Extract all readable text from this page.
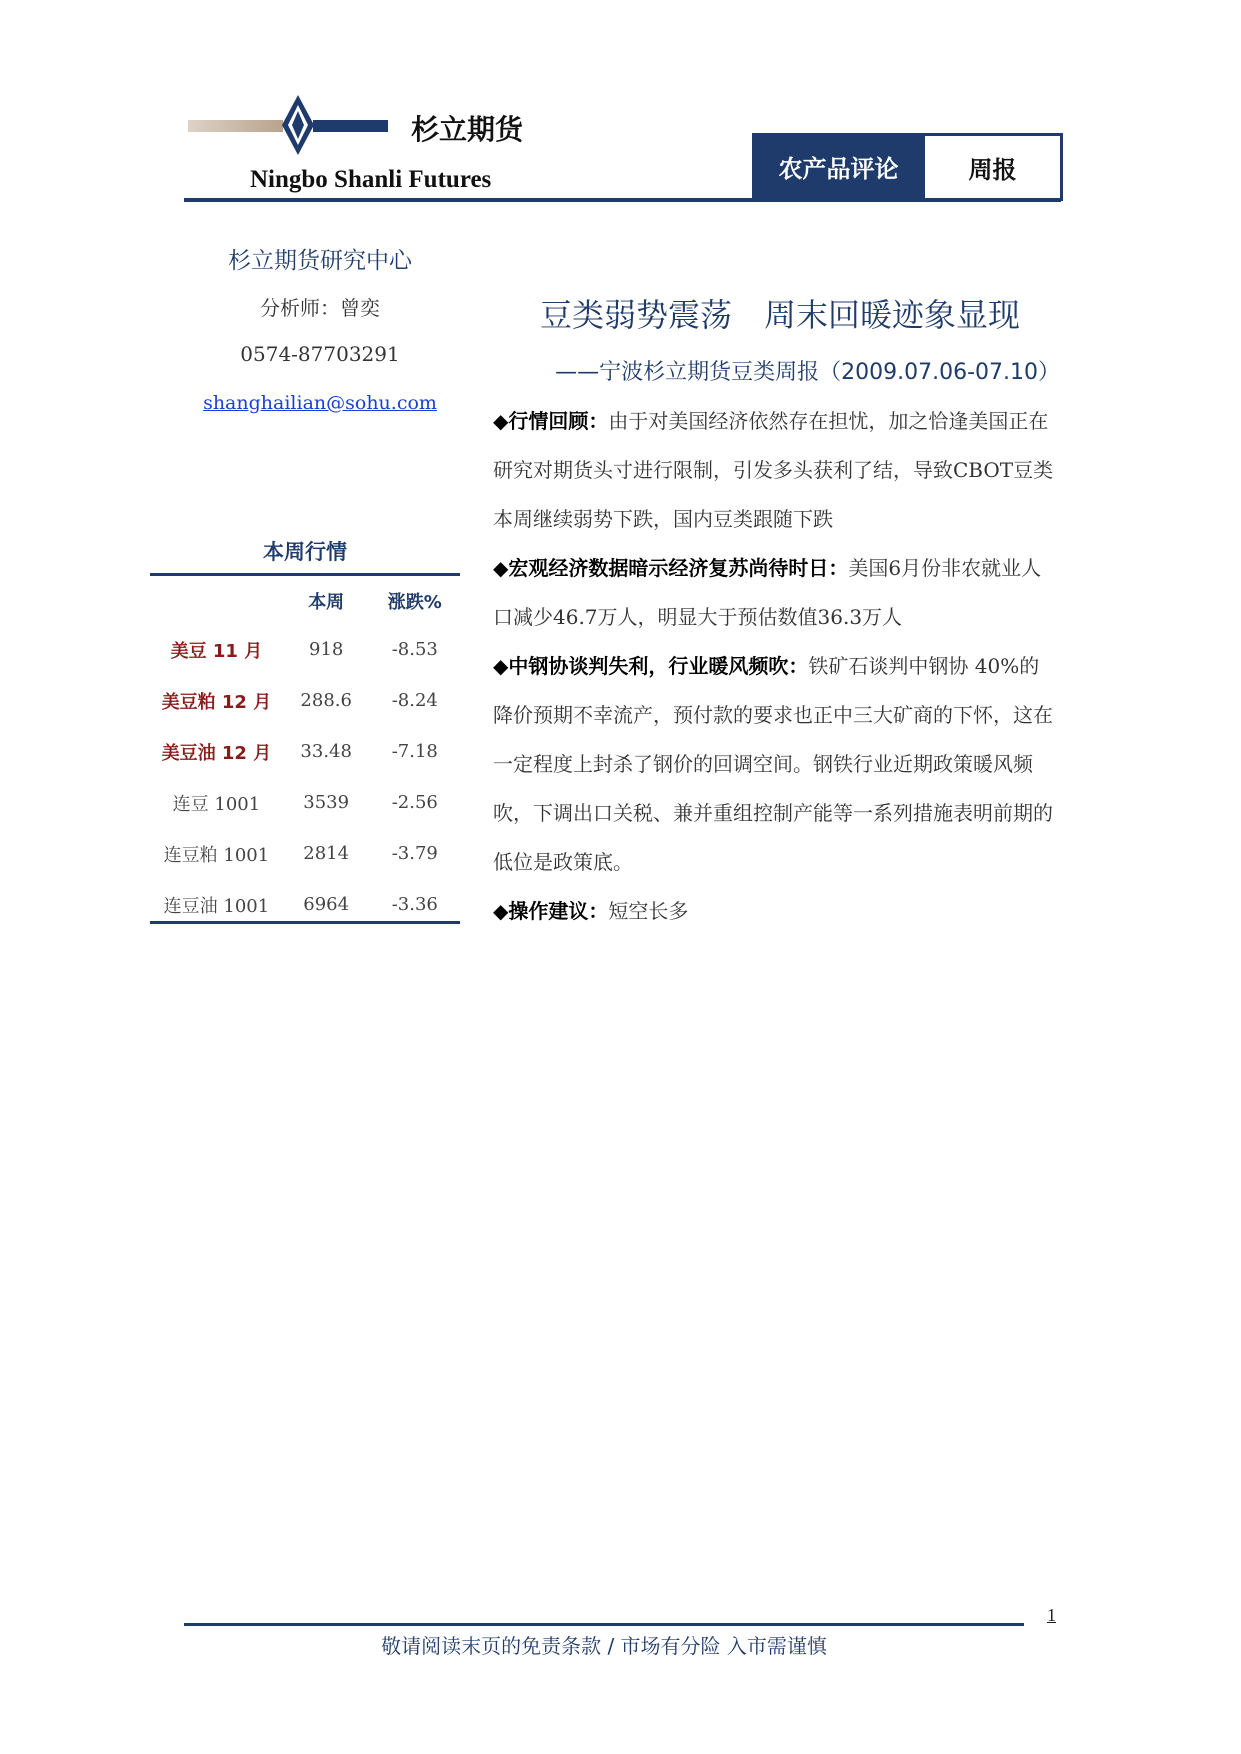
杉立期货
Ningbo Shanli Futures	农产品评论	周报
杉立期货研究中心
分析师：曾奕
0574-87703291
shanghailian@sohu.com
本周行情
	本周	涨跌%
美豆 11 月	918	-8.53
美豆粕 12 月	288.6	-8.24
美豆油 12 月	33.48	-7.18
连豆 1001	3539	-2.56
连豆粕 1001	2814	-3.79
连豆油 1001	6964	-3.36
豆类弱势震荡　周末回暖迹象显现
——宁波杉立期货豆类周报（2009.07.06-07.10）

◆行情回顾：由于对美国经济依然存在担忧，加之恰逢美国正在研究对期货头寸进行限制，引发多头获利了结，导致CBOT豆类本周继续弱势下跌，国内豆类跟随下跌

◆宏观经济数据暗示经济复苏尚待时日：美国6月份非农就业人口减少46.7万人，明显大于预估数值36.3万人

◆中钢协谈判失利，行业暖风频吹：铁矿石谈判中钢协 40%的降价预期不幸流产，预付款的要求也正中三大矿商的下怀，这在一定程度上封杀了钢价的回调空间。钢铁行业近期政策暖风频吹，下调出口关税、兼并重组控制产能等一系列措施表明前期的低位是政策底。

◆操作建议：短空长多

1
敬请阅读末页的免责条款 / 市场有分险 入市需谨慎
